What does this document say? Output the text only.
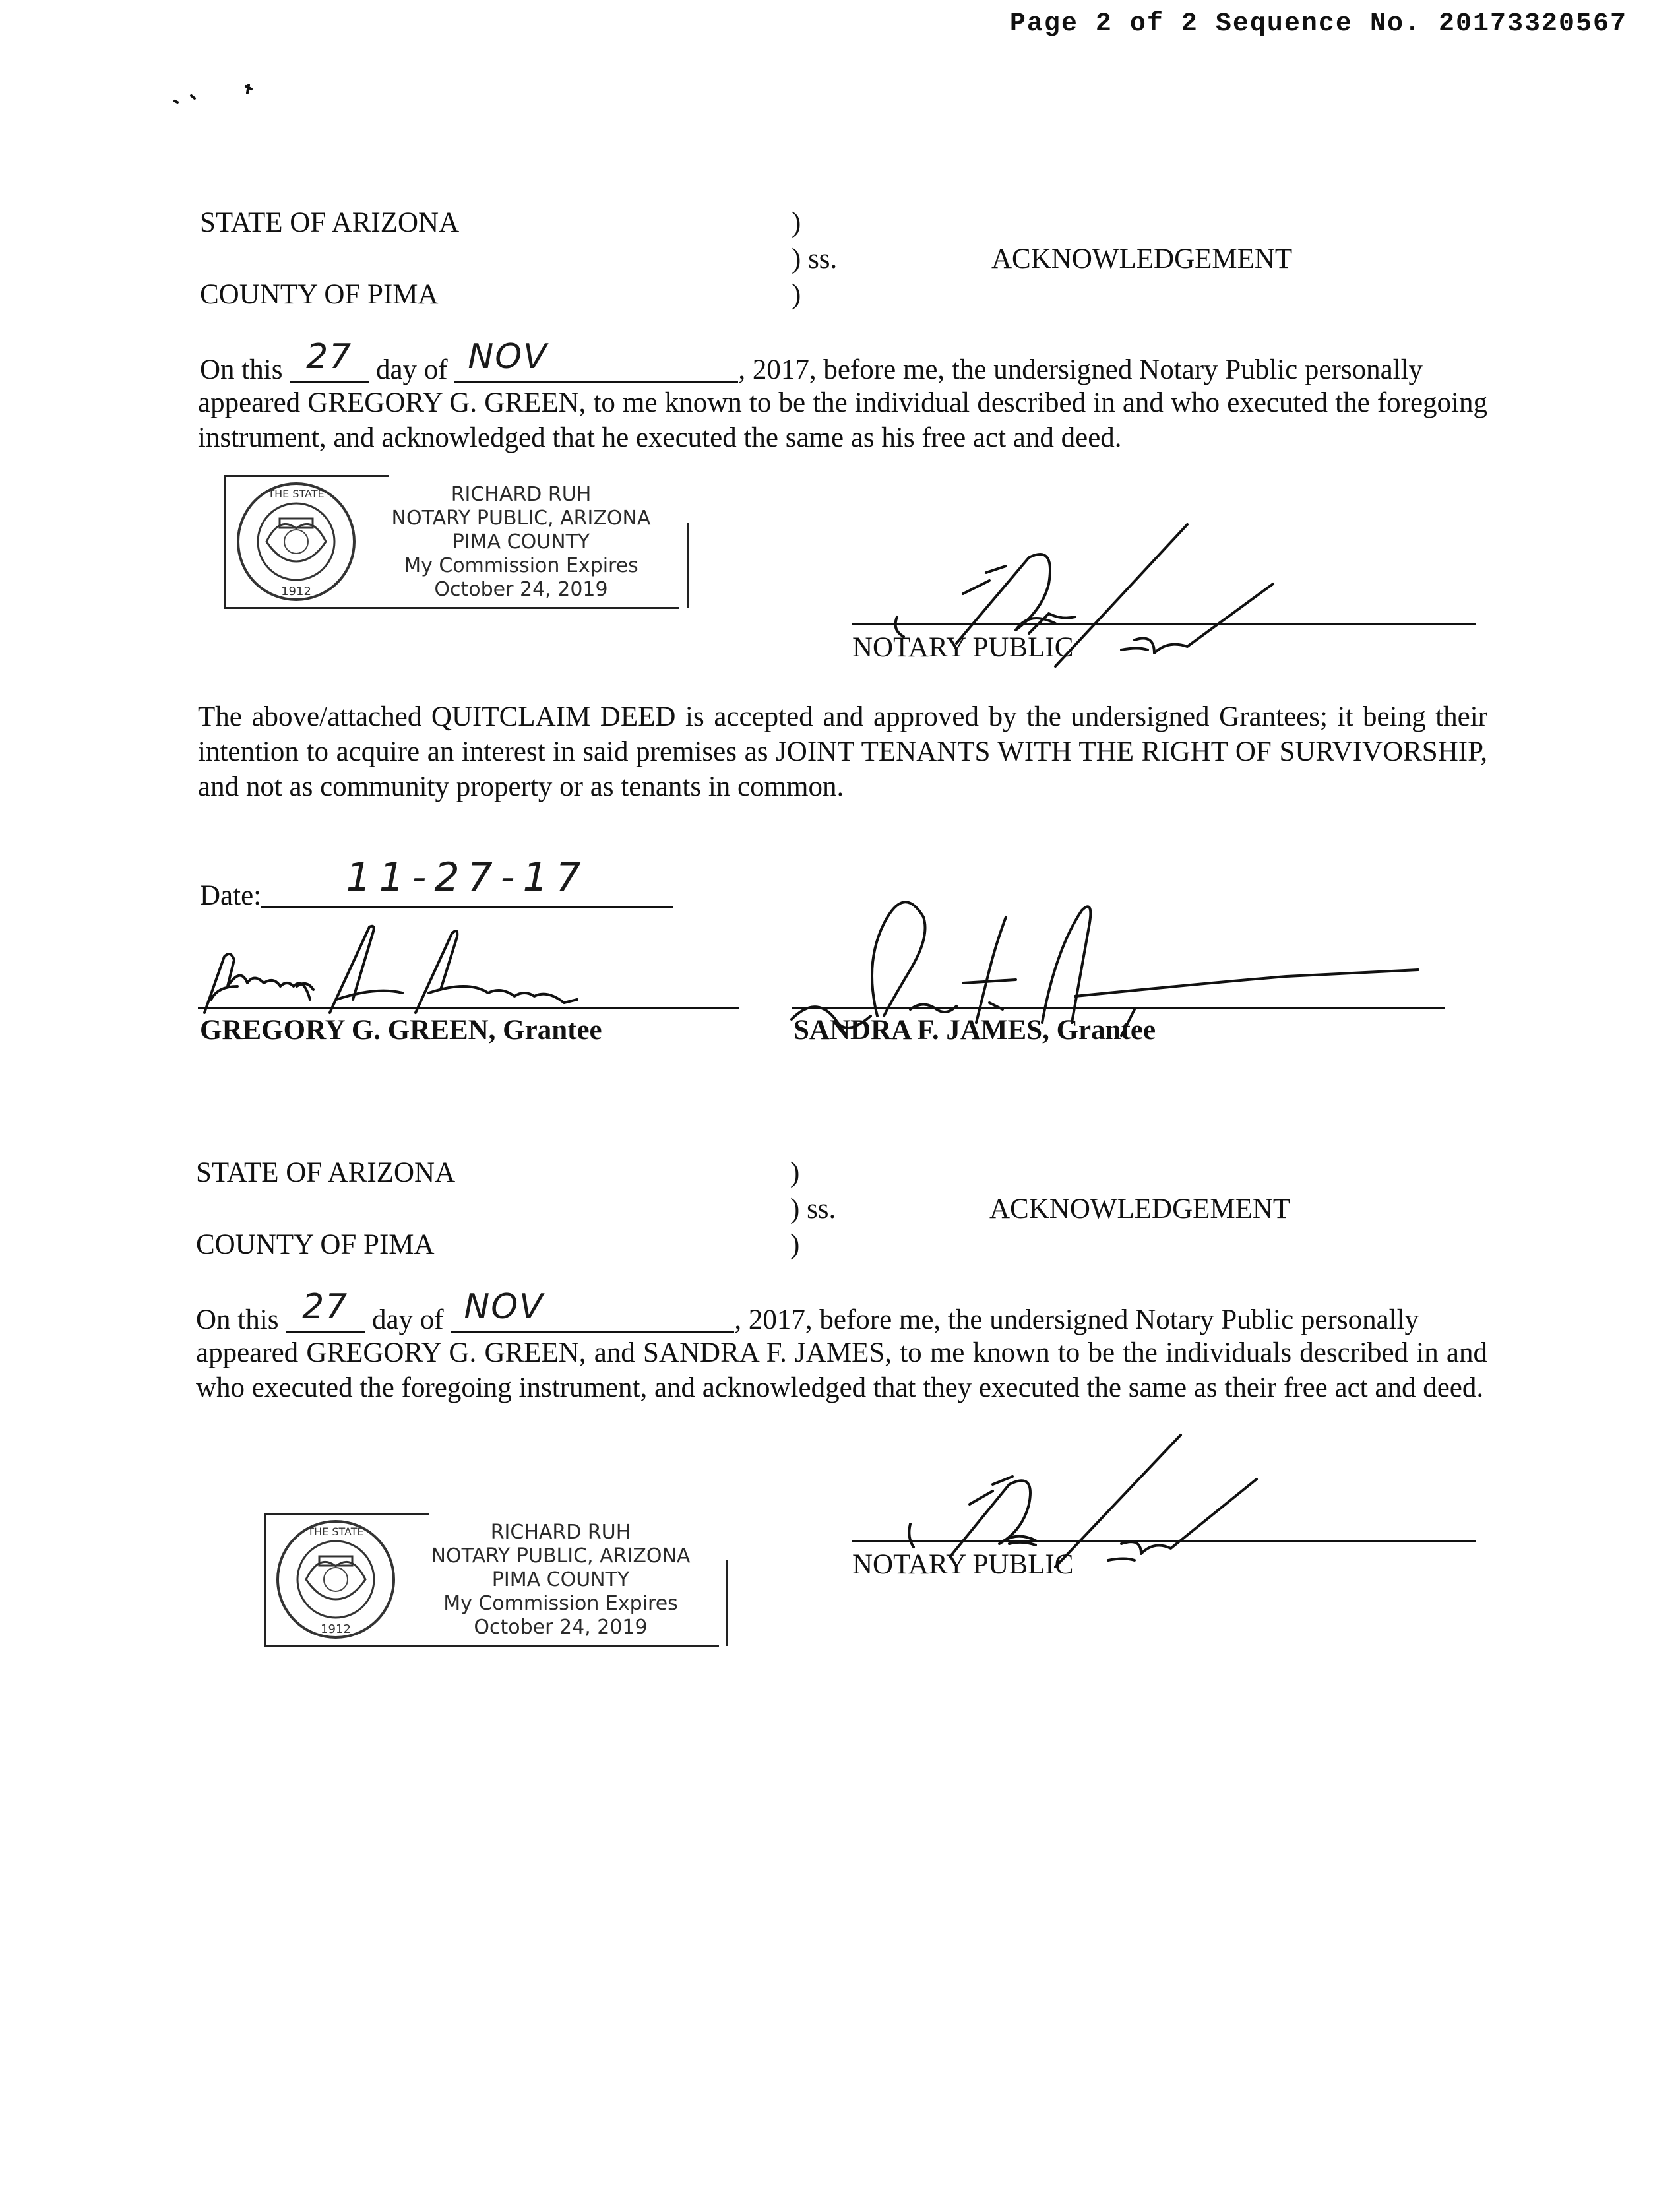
Page 2 of 2 Sequence No. 20173320567
STATE OF ARIZONA	)
) ss.	ACKNOWLEDGEMENT
COUNTY OF PIMA	)
On this 27 day of NOV	, 2017, before me, the undersigned Notary Public personally
appeared GREGORY G. GREEN, to me known to be the individual described in and who executed the foregoing instrument, and acknowledged that he executed the same as his free act and deed.
THE STATE
1912
RICHARD RUH
NOTARY PUBLIC, ARIZONA
PIMA COUNTY
My Commission Expires
October 24, 2019
NOTARY PUBLIC
The above/attached QUITCLAIM DEED is accepted and approved by the undersigned Grantees; it being their intention to acquire an interest in said premises as JOINT TENANTS WITH THE RIGHT OF SURVIVORSHIP, and not as community property or as tenants in common.
Date:	11-27-17
GREGORY G. GREEN, Grantee	SANDRA F. JAMES, Grantee
STATE OF ARIZONA	)
) ss.	ACKNOWLEDGEMENT
COUNTY OF PIMA	)
On this 27 day of NOV	, 2017, before me, the undersigned Notary Public personally
appeared GREGORY G. GREEN, and SANDRA F. JAMES, to me known to be the individuals described in and who executed the foregoing instrument, and acknowledged that they executed the same as their free act and deed.
THE STATE
1912
RICHARD RUH
NOTARY PUBLIC, ARIZONA
PIMA COUNTY
My Commission Expires
October 24, 2019
NOTARY PUBLIC
